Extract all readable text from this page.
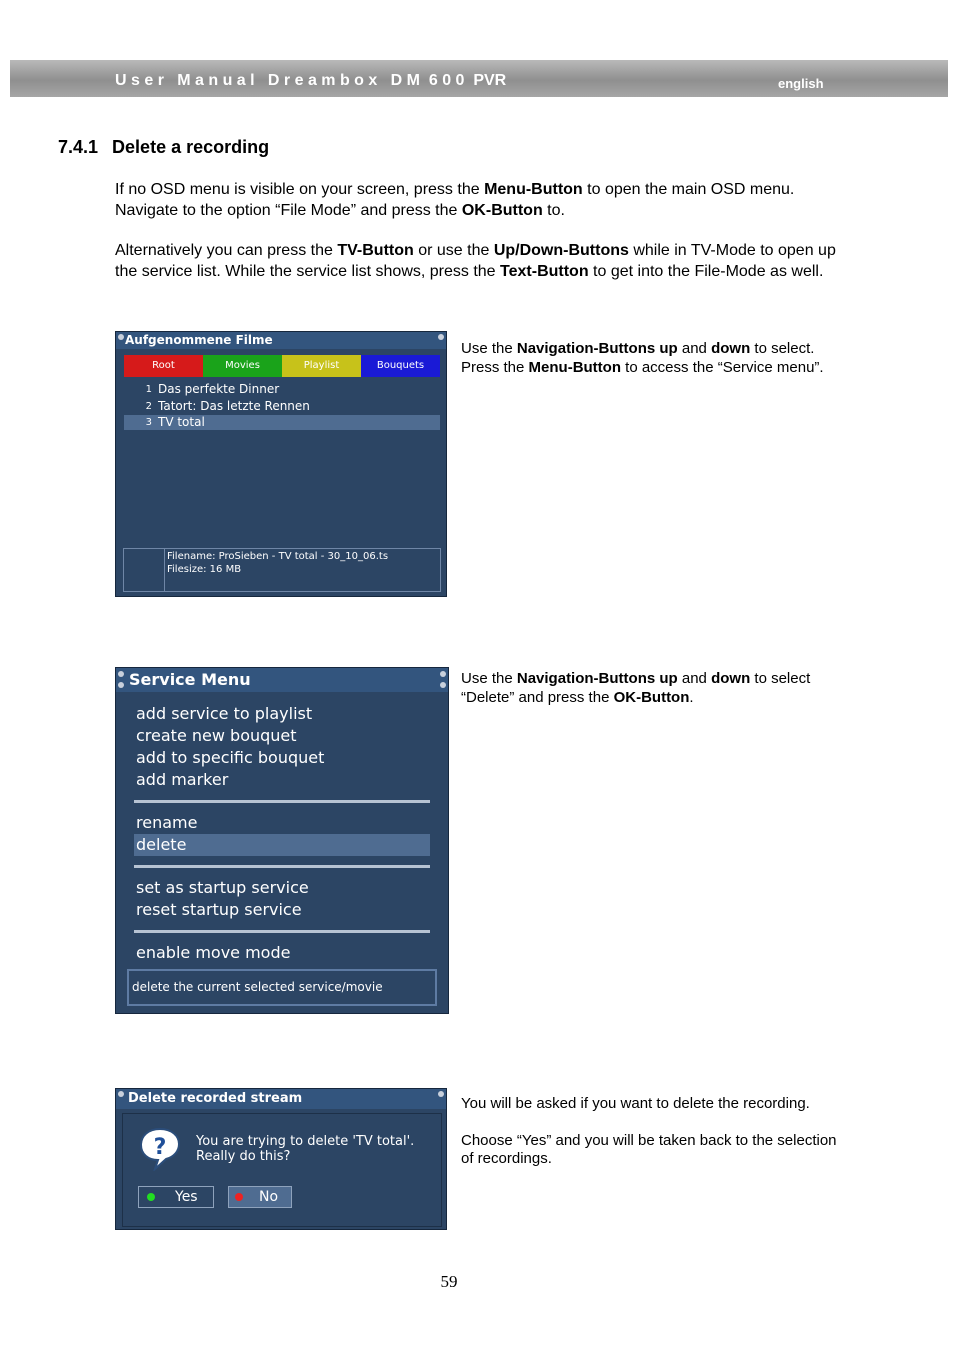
U s e r   M a n u a l   D r e a m b o x   D M  6 0 0  PVR	english
7.4.1 Delete a recording
If no OSD menu is visible on your screen, press the Menu-Button to open the main OSD menu. Navigate to the option “File Mode” and press the OK-Button to.
Alternatively you can press the TV-Button or use the Up/Down-Buttons while in TV-Mode to open up the service list. While the service list shows, press the Text-Button to get into the File-Mode as well.
Aufgenommene Filme
Root	Movies	Playlist	Bouquets
1 Das perfekte Dinner
2 Tatort: Das letzte Rennen
3 TV total
Filename: ProSieben - TV total - 30_10_06.ts
Filesize: 16 MB
Use the Navigation-Buttons up and down to select. Press the Menu-Button to access the “Service menu”.
Service Menu
add service to playlist
create new bouquet
add to specific bouquet
add marker
rename
delete
set as startup service
reset startup service
enable move mode
delete the current selected service/movie
Use the Navigation-Buttons up and down to select “Delete” and press the OK-Button.
Delete recorded stream
? You are trying to delete 'TV total'.
Really do this?
Yes	No
You will be asked if you want to delete the recording.
Choose “Yes” and you will be taken back to the selection of recordings.
59
